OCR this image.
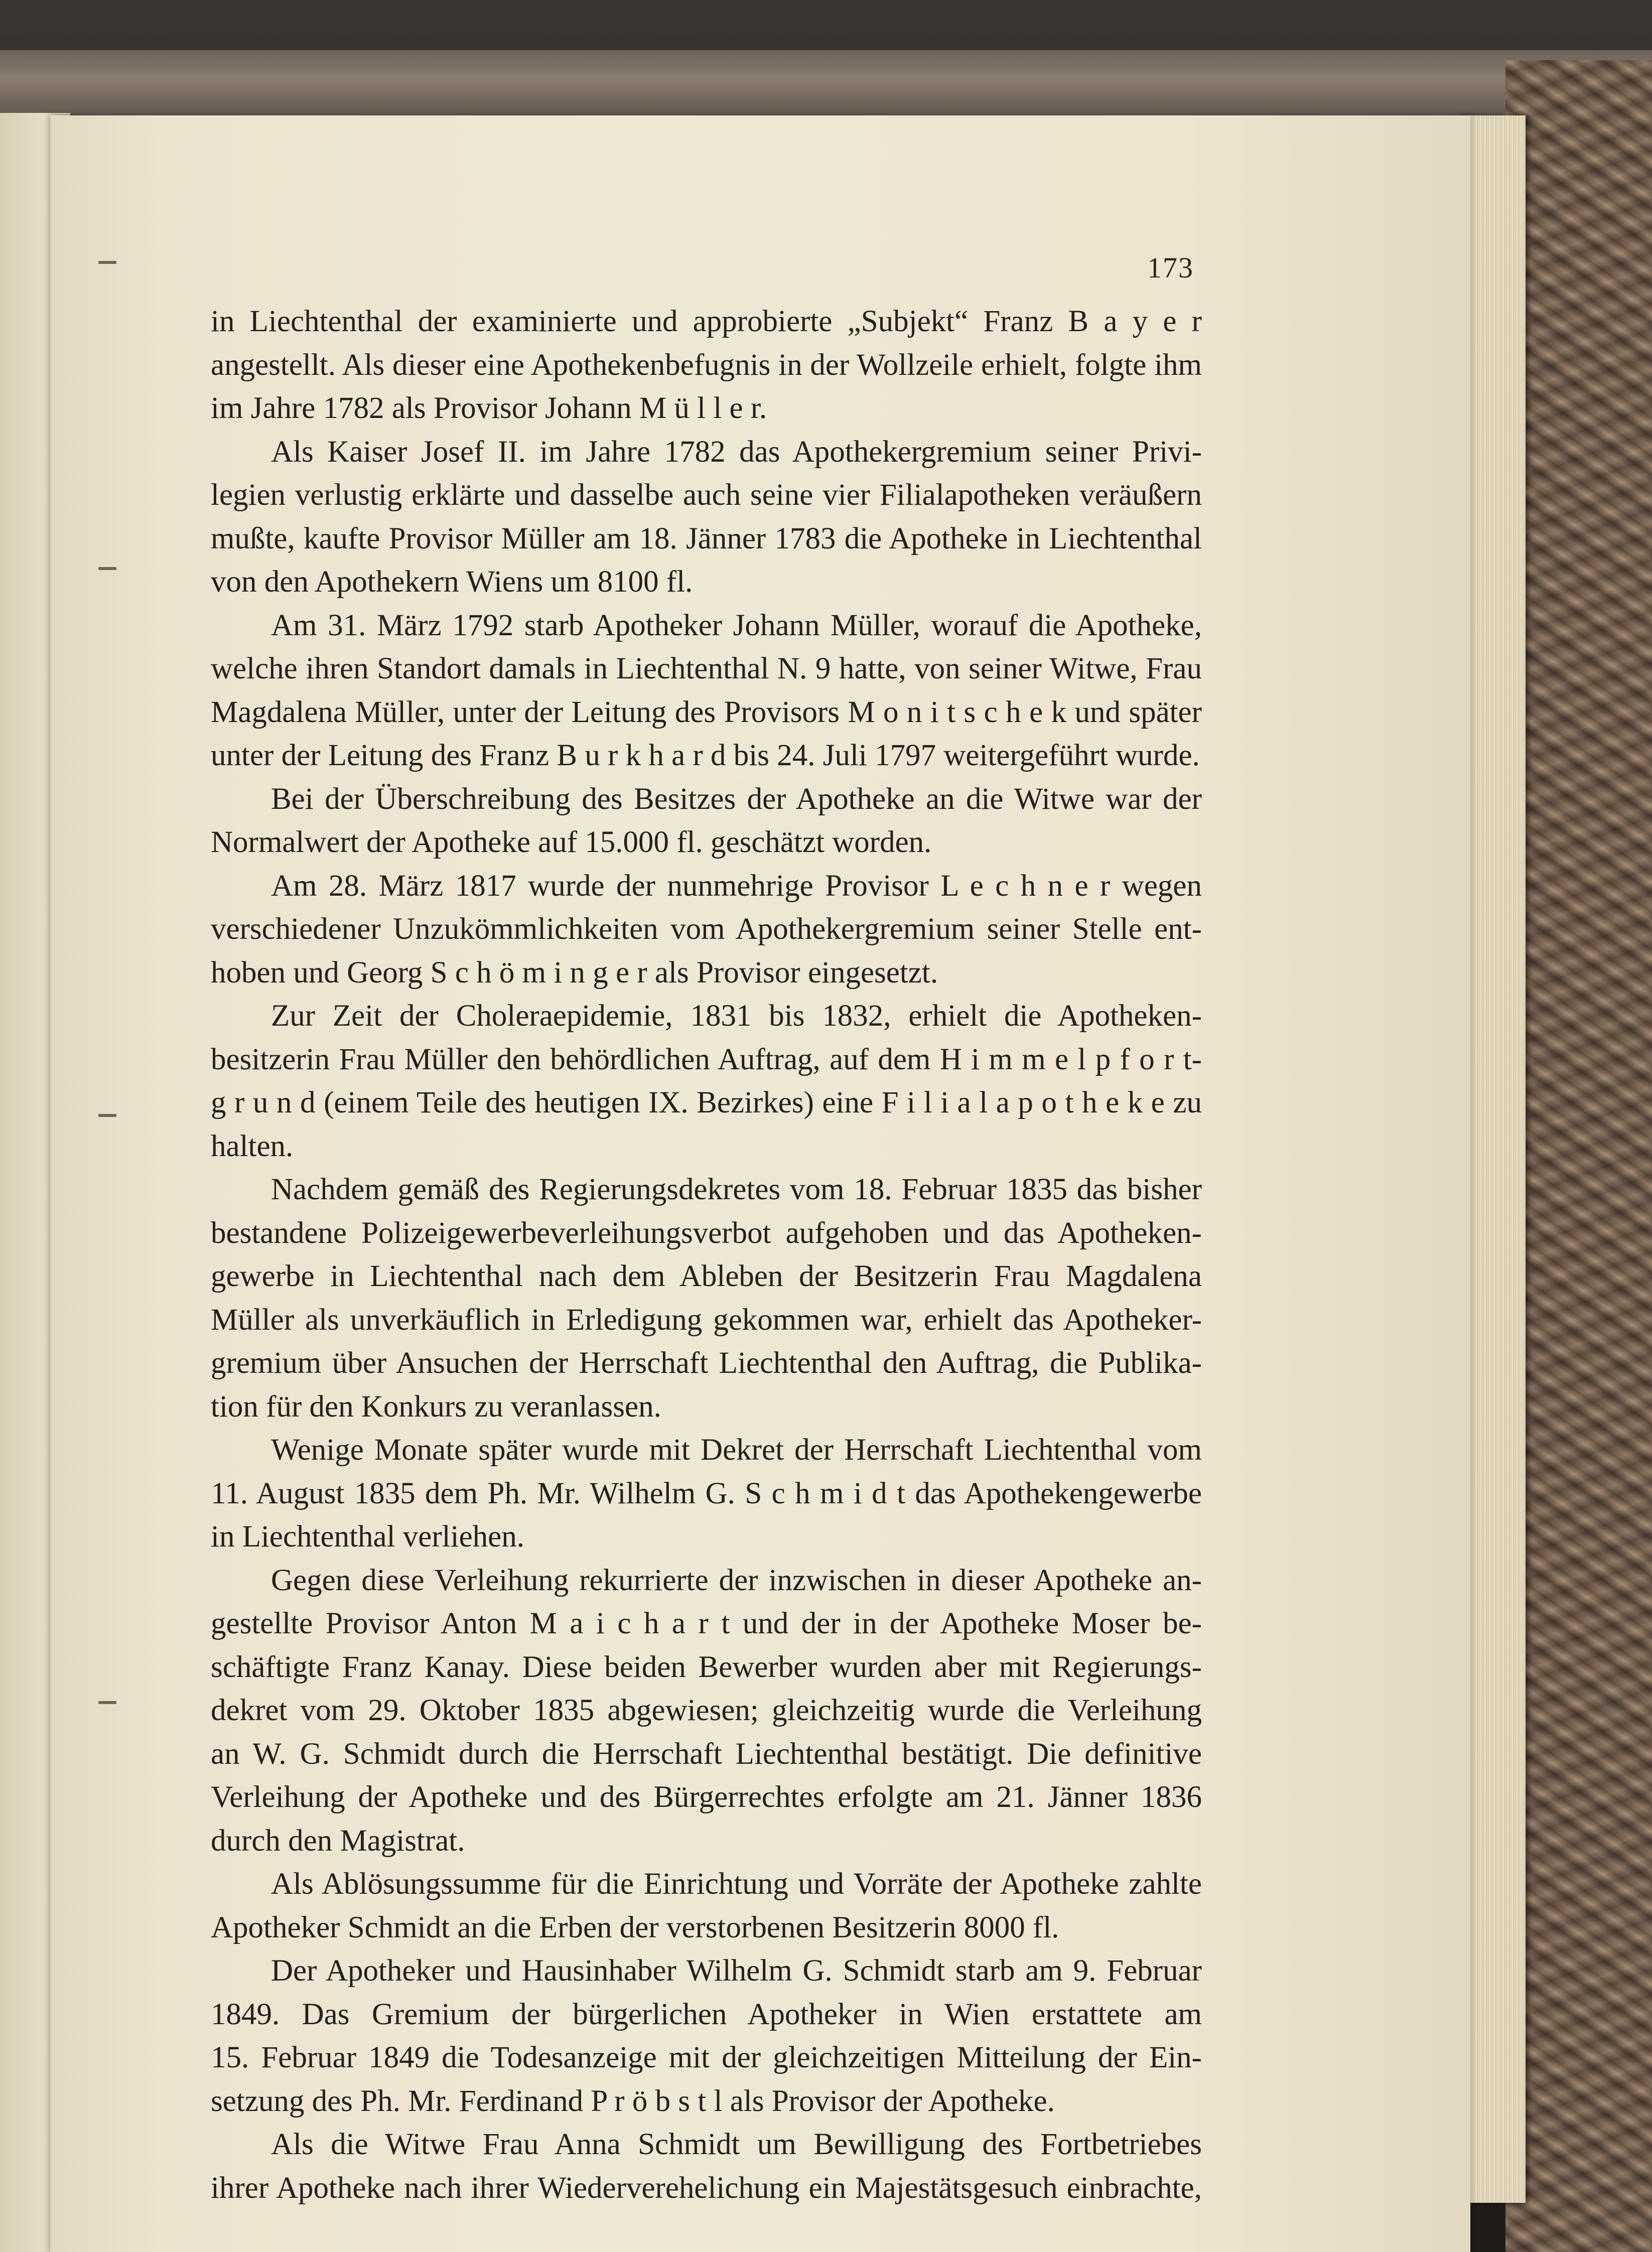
173
in Liechtenthal der examinierte und approbierte „Subjekt“ Franz B a y e r
angestellt. Als dieser eine Apothekenbefugnis in der Wollzeile erhielt, folgte ihm
im Jahre 1782 als Provisor Johann M ü l l e r.
Als Kaiser Josef II. im Jahre 1782 das Apothekergremium seiner Privi-
legien verlustig erklärte und dasselbe auch seine vier Filialapotheken veräußern
mußte, kaufte Provisor Müller am 18. Jänner 1783 die Apotheke in Liechtenthal
von den Apothekern Wiens um 8100 fl.
Am 31. März 1792 starb Apotheker Johann Müller, worauf die Apotheke,
welche ihren Standort damals in Liechtenthal N. 9 hatte, von seiner Witwe, Frau
Magdalena Müller, unter der Leitung des Provisors M o n i t s c h e k und später
unter der Leitung des Franz B u r k h a r d bis 24. Juli 1797 weitergeführt wurde.
Bei der Überschreibung des Besitzes der Apotheke an die Witwe war der
Normalwert der Apotheke auf 15.000 fl. geschätzt worden.
Am 28. März 1817 wurde der nunmehrige Provisor L e c h n e r wegen
verschiedener Unzukömmlichkeiten vom Apothekergremium seiner Stelle ent-
hoben und Georg S c h ö m i n g e r als Provisor eingesetzt.
Zur Zeit der Choleraepidemie, 1831 bis 1832, erhielt die Apotheken-
besitzerin Frau Müller den behördlichen Auftrag, auf dem H i m m e l p f o r t-
g r u n d (einem Teile des heutigen IX. Bezirkes) eine F i l i a l a p o t h e k e zu
halten.
Nachdem gemäß des Regierungsdekretes vom 18. Februar 1835 das bisher
bestandene Polizeigewerbeverleihungsverbot aufgehoben und das Apotheken-
gewerbe in Liechtenthal nach dem Ableben der Besitzerin Frau Magdalena
Müller als unverkäuflich in Erledigung gekommen war, erhielt das Apotheker-
gremium über Ansuchen der Herrschaft Liechtenthal den Auftrag, die Publika-
tion für den Konkurs zu veranlassen.
Wenige Monate später wurde mit Dekret der Herrschaft Liechtenthal vom
11. August 1835 dem Ph. Mr. Wilhelm G. S c h m i d t das Apothekengewerbe
in Liechtenthal verliehen.
Gegen diese Verleihung rekurrierte der inzwischen in dieser Apotheke an-
gestellte Provisor Anton M a i c h a r t und der in der Apotheke Moser be-
schäftigte Franz Kanay. Diese beiden Bewerber wurden aber mit Regierungs-
dekret vom 29. Oktober 1835 abgewiesen; gleichzeitig wurde die Verleihung
an W. G. Schmidt durch die Herrschaft Liechtenthal bestätigt. Die definitive
Verleihung der Apotheke und des Bürgerrechtes erfolgte am 21. Jänner 1836
durch den Magistrat.
Als Ablösungssumme für die Einrichtung und Vorräte der Apotheke zahlte
Apotheker Schmidt an die Erben der verstorbenen Besitzerin 8000 fl.
Der Apotheker und Hausinhaber Wilhelm G. Schmidt starb am 9. Februar
1849. Das Gremium der bürgerlichen Apotheker in Wien erstattete am
15. Februar 1849 die Todesanzeige mit der gleichzeitigen Mitteilung der Ein-
setzung des Ph. Mr. Ferdinand P r ö b s t l als Provisor der Apotheke.
Als die Witwe Frau Anna Schmidt um Bewilligung des Fortbetriebes
ihrer Apotheke nach ihrer Wiederverehelichung ein Majestätsgesuch einbrachte,
